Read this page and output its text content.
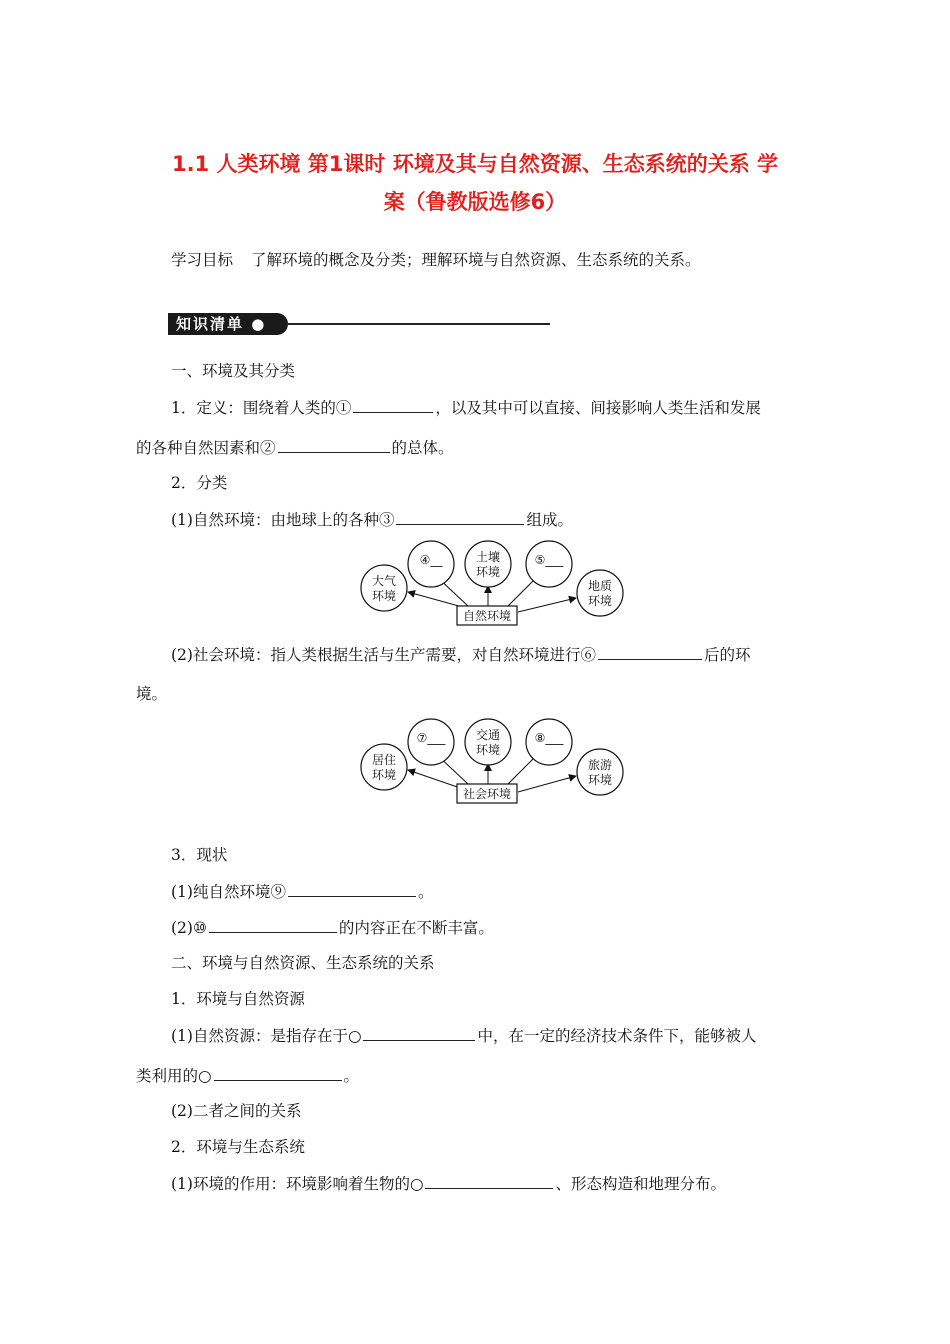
1.1 人类环境 第1课时 环境及其与自然资源、生态系统的关系 学
案（鲁教版选修6）
学习目标 了解环境的概念及分类；理解环境与自然资源、生态系统的关系。
知识清单 ●
一、环境及其分类
1．定义：围绕着人类的①	，以及其中可以直接、间接影响人类生活和发展
的各种自然因素和②	的总体。
2．分类
(1)自然环境：由地球上的各种③	组成。
大气
环境
④__	土壤
环境
⑤___
地质
环境
自然环境
(2)社会环境：指人类根据生活与生产需要，对自然环境进行⑥	后的环
境。
居住
环境
⑦___	交通
环境
⑧___
旅游
环境
社会环境
3．现状
(1)纯自然环境⑨	。
(2)⑩	的内容正在不断丰富。
二、环境与自然资源、生态系统的关系
1．环境与自然资源
(1)自然资源：是指存在于○	中，在一定的经济技术条件下，能够被人
类利用的○	。
(2)二者之间的关系
2．环境与生态系统
(1)环境的作用：环境影响着生物的○	、形态构造和地理分布。
